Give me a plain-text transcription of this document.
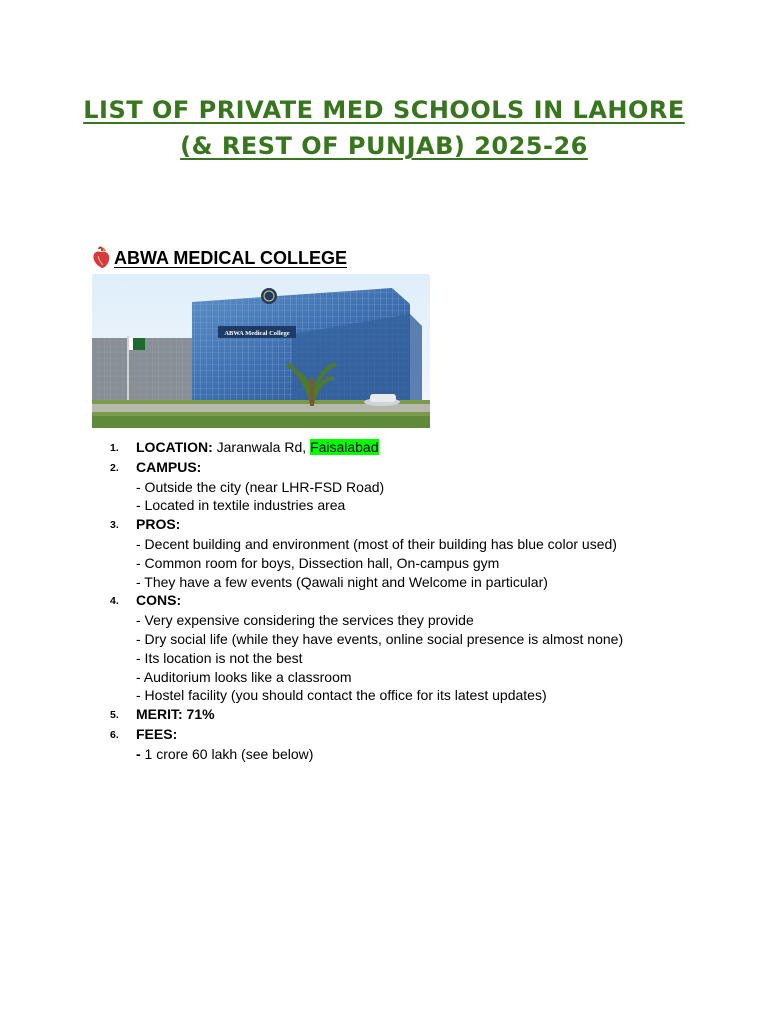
LIST OF PRIVATE MED SCHOOLS IN LAHORE
(& REST OF PUNJAB) 2025-26
ABWA MEDICAL COLLEGE
ABWA Medical College
1.	LOCATION: Jaranwala Rd, Faisalabad
2.	CAMPUS:
- Outside the city (near LHR-FSD Road)
- Located in textile industries area
3.	PROS:
- Decent building and environment (most of their building has blue color used)
- Common room for boys, Dissection hall, On-campus gym
- They have a few events (Qawali night and Welcome in particular)
4.	CONS:
- Very expensive considering the services they provide
- Dry social life (while they have events, online social presence is almost none)
- Its location is not the best
- Auditorium looks like a classroom
- Hostel facility (you should contact the office for its latest updates)
5.	MERIT: 71%
6.	FEES:
- 1 crore 60 lakh (see below)
